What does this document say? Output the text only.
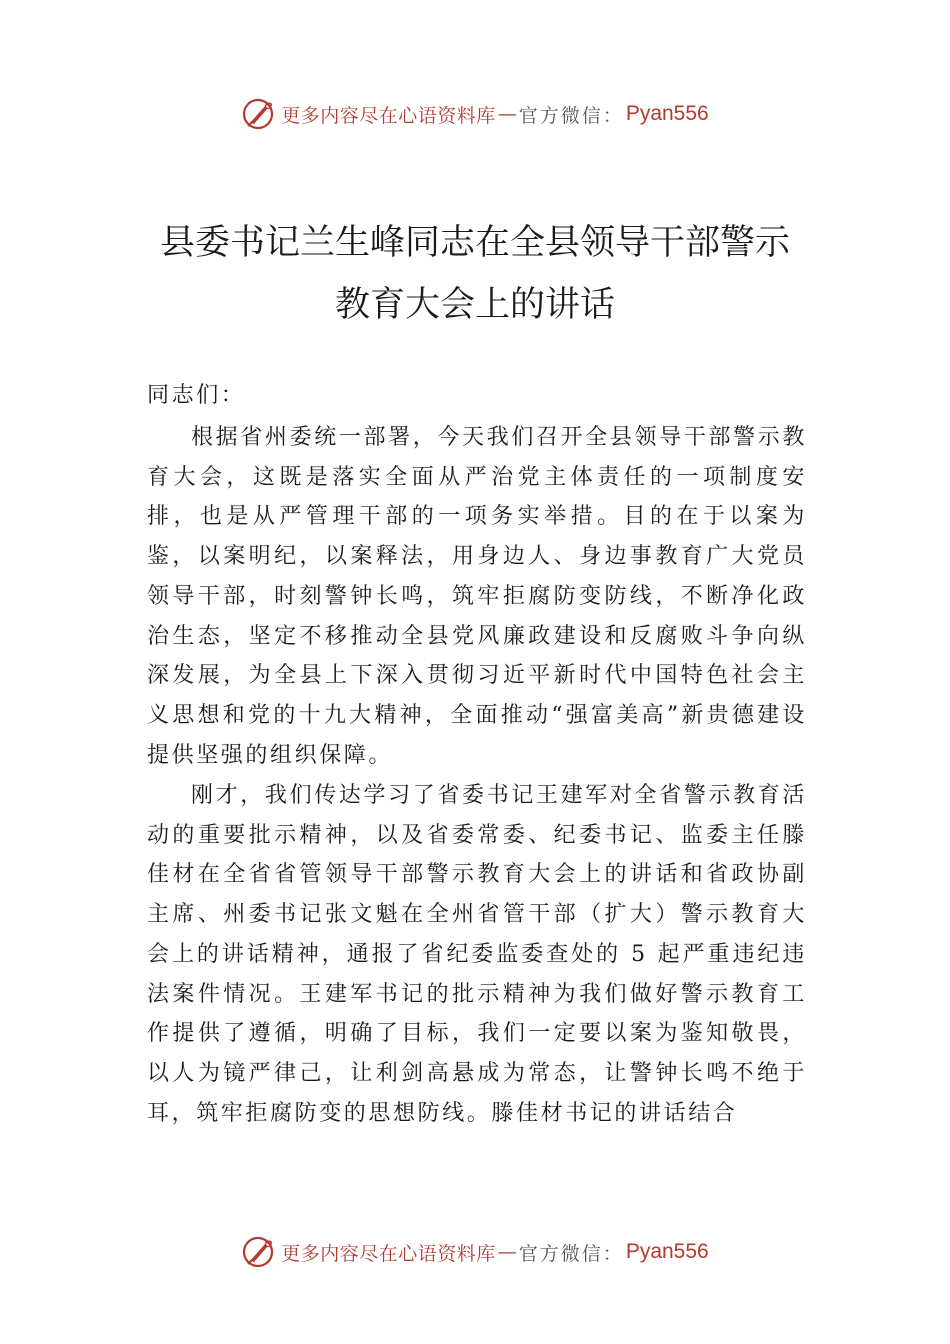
更多内容尽在心语资料库 — 官方微信： Pyan556
县委书记兰生峰同志在全县领导干部警示
教育大会上的讲话
同志们：
根据省州委统一部署，今天我们召开全县领导干部警示教育大会，这既是落实全面从严治党主体责任的一项制度安排，也是从严管理干部的一项务实举措。目的在于以案为鉴，以案明纪，以案释法，用身边人、身边事教育广大党员领导干部，时刻警钟长鸣，筑牢拒腐防变防线，不断净化政治生态，坚定不移推动全县党风廉政建设和反腐败斗争向纵深发展，为全县上下深入贯彻习近平新时代中国特色社会主义思想和党的十九大精神，全面推动“强富美高”新贵德建设提供坚强的组织保障。
刚才，我们传达学习了省委书记王建军对全省警示教育活动的重要批示精神，以及省委常委、纪委书记、监委主任滕佳材在全省省管领导干部警示教育大会上的讲话和省政协副主席、州委书记张文魁在全州省管干部（扩大）警示教育大会上的讲话精神，通报了省纪委监委查处的 5 起严重违纪违法案件情况。王建军书记的批示精神为我们做好警示教育工作提供了遵循，明确了目标，我们一定要以案为鉴知敬畏，以人为镜严律己，让利剑高悬成为常态，让警钟长鸣不绝于耳，筑牢拒腐防变的思想防线。滕佳材书记的讲话结合
更多内容尽在心语资料库 — 官方微信： Pyan556
